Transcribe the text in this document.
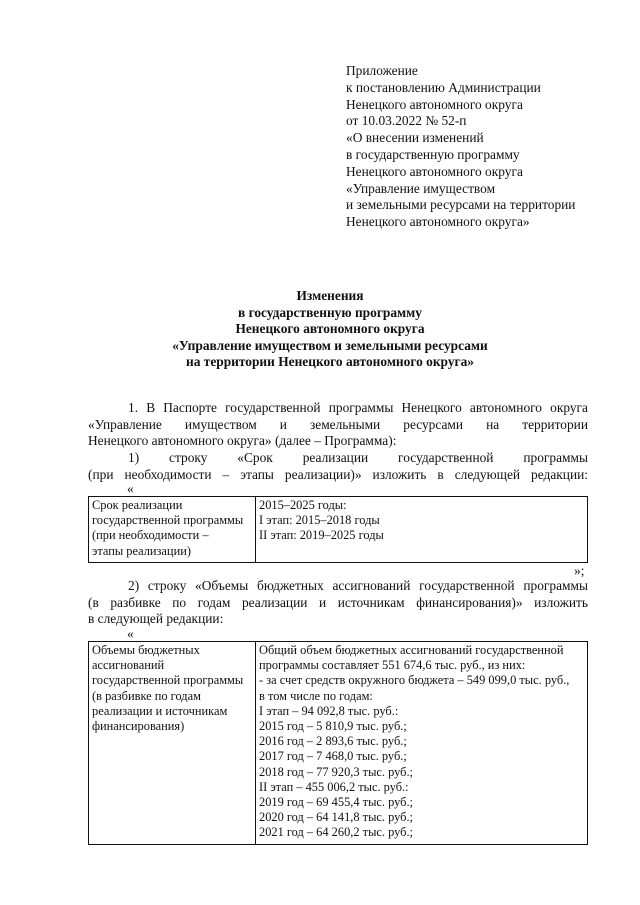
Приложение
к постановлению Администрации
Ненецкого автономного округа
от 10.03.2022 № 52-п
«О внесении изменений
в государственную программу
Ненецкого автономного округа
«Управление имуществом
и земельными ресурсами на территории
Ненецкого автономного округа»
Изменения
в государственную программу
Ненецкого автономного округа
«Управление имуществом и земельными ресурсами
на территории Ненецкого автономного округа»
1. В Паспорте государственной программы Ненецкого автономного округа
«Управление имуществом и земельными ресурсами на территории
Ненецкого автономного округа» (далее – Программа):
1) строку «Срок реализации государственной программы
(при необходимости – этапы реализации)» изложить в следующей редакции:
«
Срок реализации
государственной программы
(при необходимости –
этапы реализации)

2015–2025 годы:
I этап: 2015–2018 годы
II этап: 2019–2025 годы
»;
2) строку «Объемы бюджетных ассигнований государственной программы
(в разбивке по годам реализации и источникам финансирования)» изложить
в следующей редакции:
«
Объемы бюджетных
ассигнований
государственной программы
(в разбивке по годам
реализации и источникам
финансирования)

Общий объем бюджетных ассигнований государственной
программы составляет 551 674,6 тыс. руб., из них:
- за счет средств окружного бюджета – 549 099,0 тыс. руб.,
в том числе по годам:
I этап – 94 092,8 тыс. руб.:
2015 год – 5 810,9 тыс. руб.;
2016 год – 2 893,6 тыс. руб.;
2017 год – 7 468,0 тыс. руб.;
2018 год – 77 920,3 тыс. руб.;
II этап – 455 006,2 тыс. руб.:
2019 год – 69 455,4 тыс. руб.;
2020 год – 64 141,8 тыс. руб.;
2021 год – 64 260,2 тыс. руб.;
